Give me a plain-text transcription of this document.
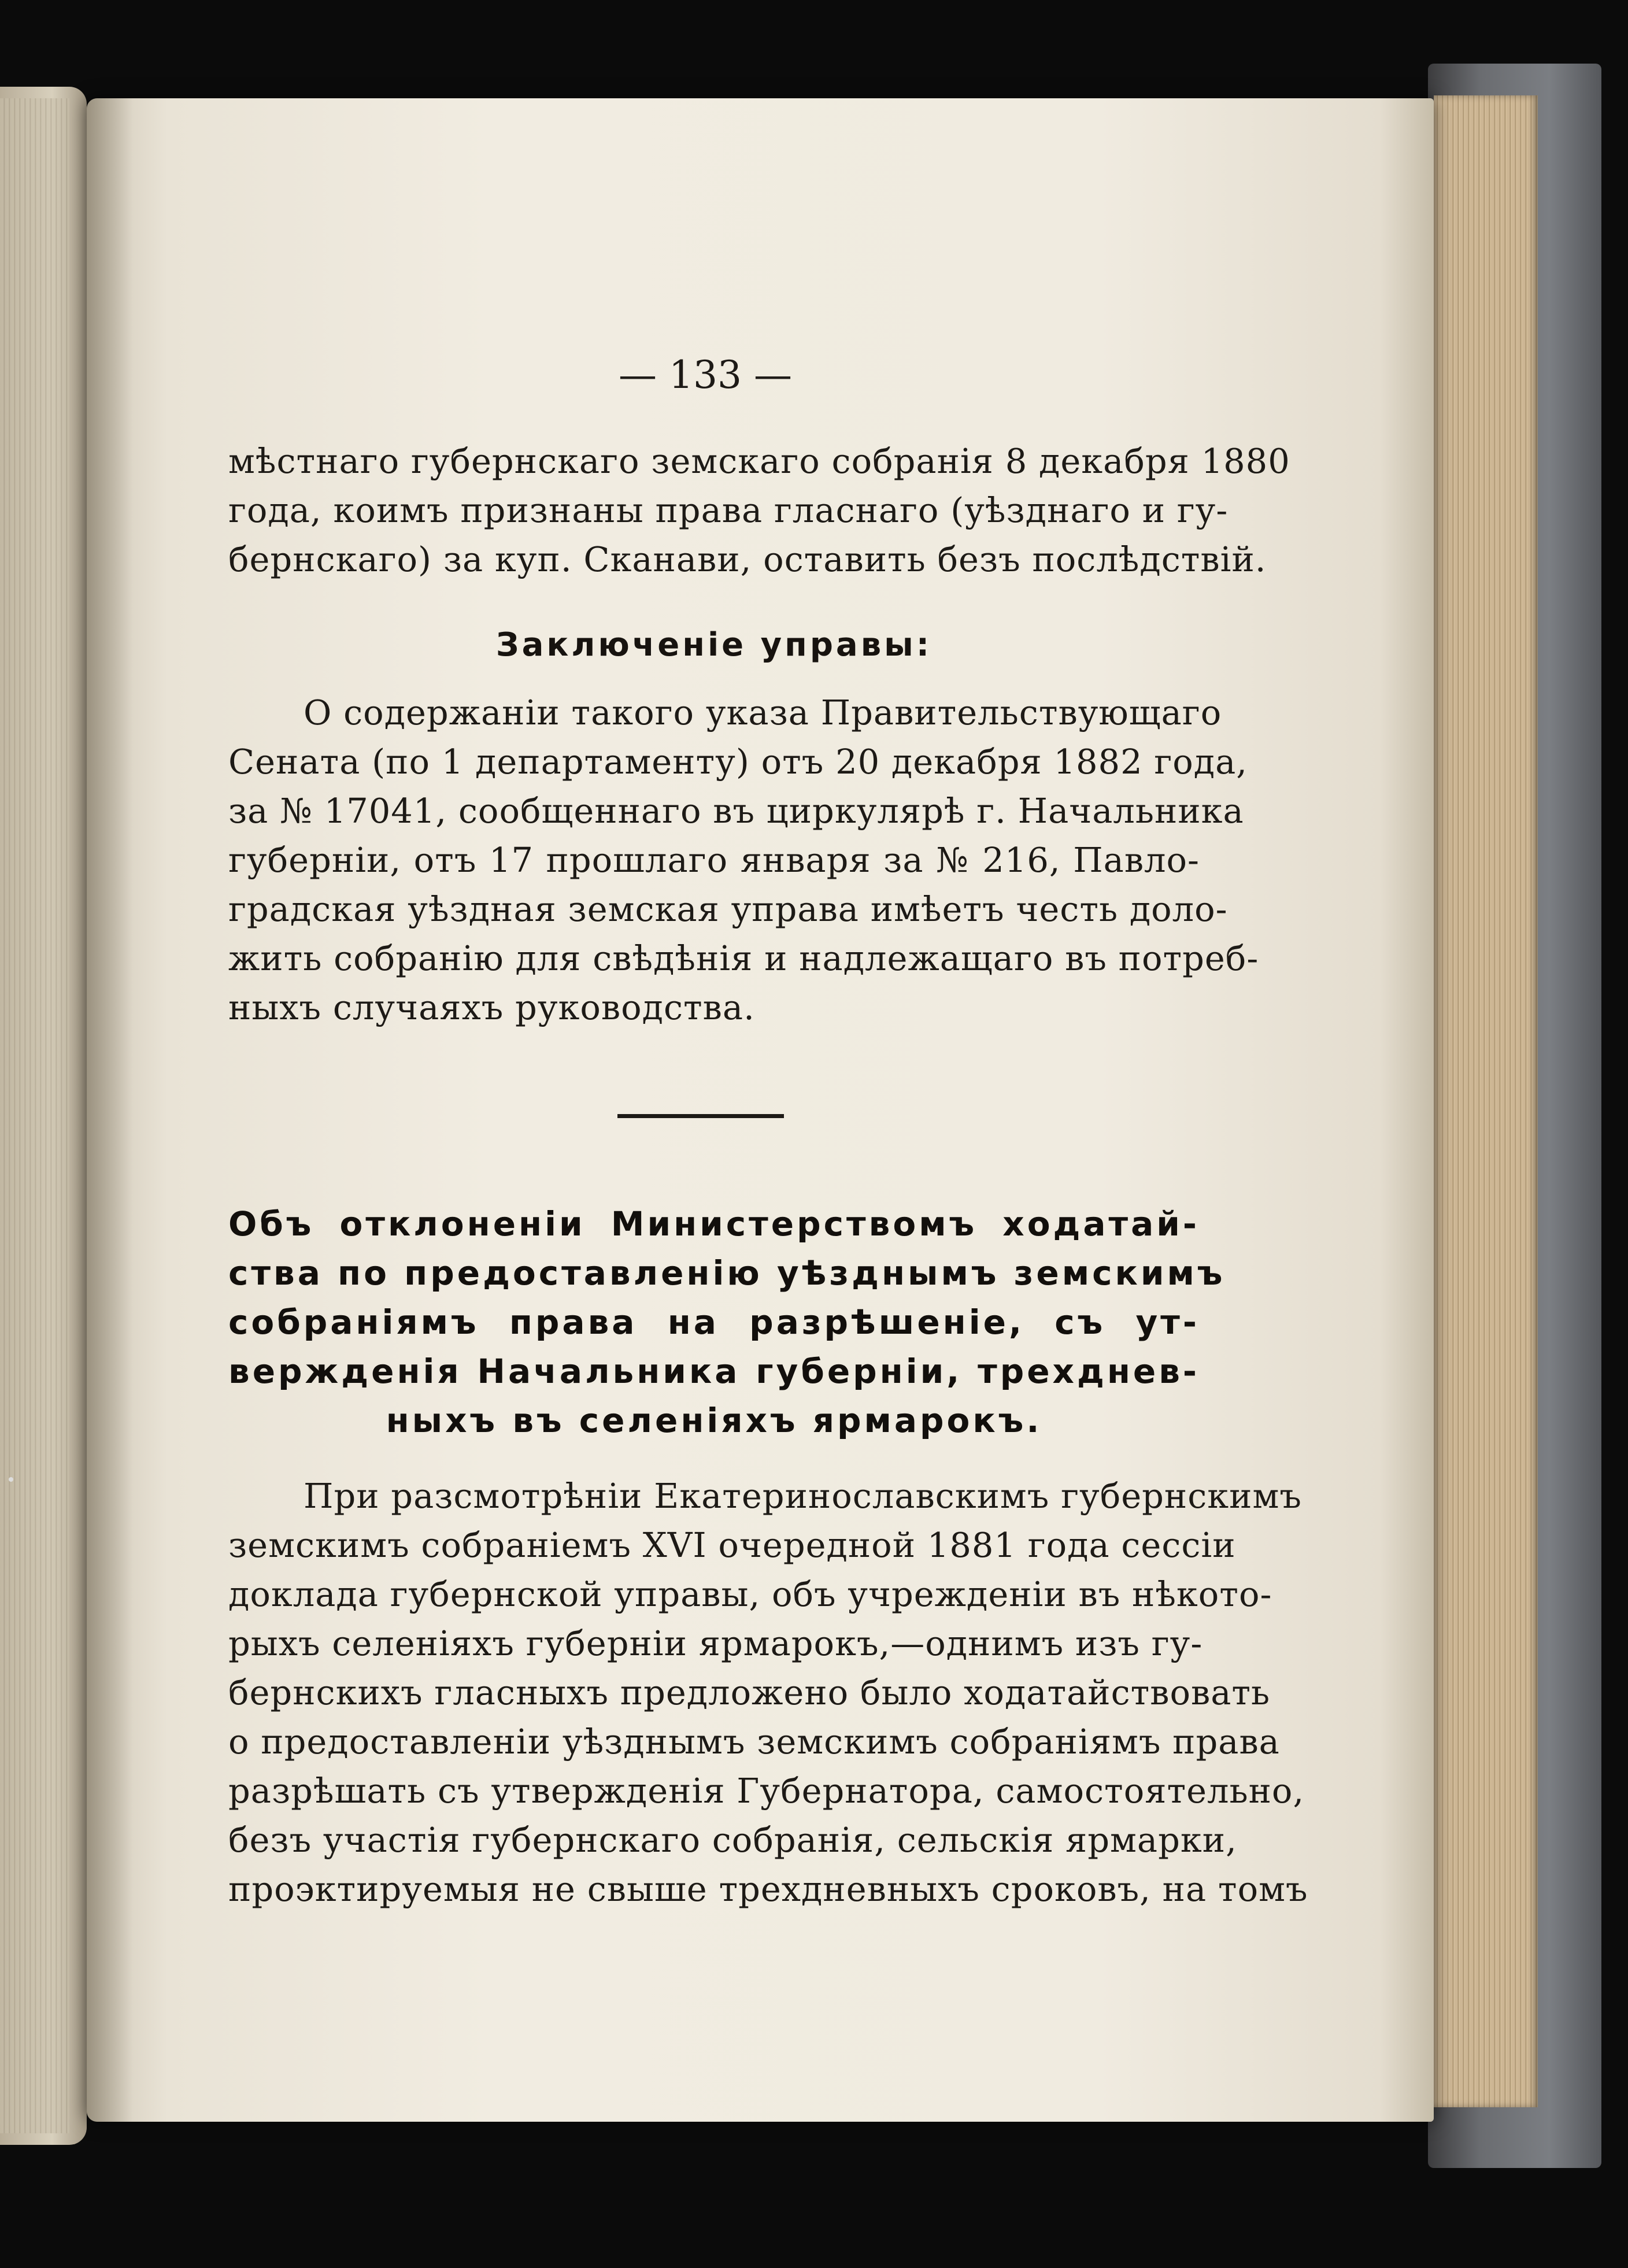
— 133 —
мѣстнаго губернскаго земскаго собранія 8 декабря 1880
года, коимъ признаны права гласнаго (уѣзднаго и гу-
бернскаго) за куп. Сканави, оставить безъ послѣдствій.
Заключеніе управы:
О содержаніи такого указа Правительствующаго
Сената (по 1 департаменту) отъ 20 декабря 1882 года,
за № 17041, сообщеннаго въ циркулярѣ г. Начальника
губерніи, отъ 17 прошлаго января за № 216, Павло-
градская уѣздная земская управа имѣетъ честь доло-
жить собранію для свѣдѣнія и надлежащаго въ потреб-
ныхъ случаяхъ руководства.
Объ отклоненіи Министерствомъ ходатай-
ства по предоставленію уѣзднымъ земскимъ
собраніямъ права на разрѣшеніе, съ ут-
вержденія Начальника губерніи, трехднев-
ныхъ въ селеніяхъ ярмарокъ.
При разсмотрѣніи Екатеринославскимъ губернскимъ
земскимъ собраніемъ XVI очередной 1881 года сессіи
доклада губернской управы, объ учрежденіи въ нѣкото-
рыхъ селеніяхъ губерніи ярмарокъ,—однимъ изъ гу-
бернскихъ гласныхъ предложено было ходатайствовать
о предоставленіи уѣзднымъ земскимъ собраніямъ права
разрѣшать съ утвержденія Губернатора, самостоятельно,
безъ участія губернскаго собранія, сельскія ярмарки,
проэктируемыя не свыше трехдневныхъ сроковъ, на томъ
